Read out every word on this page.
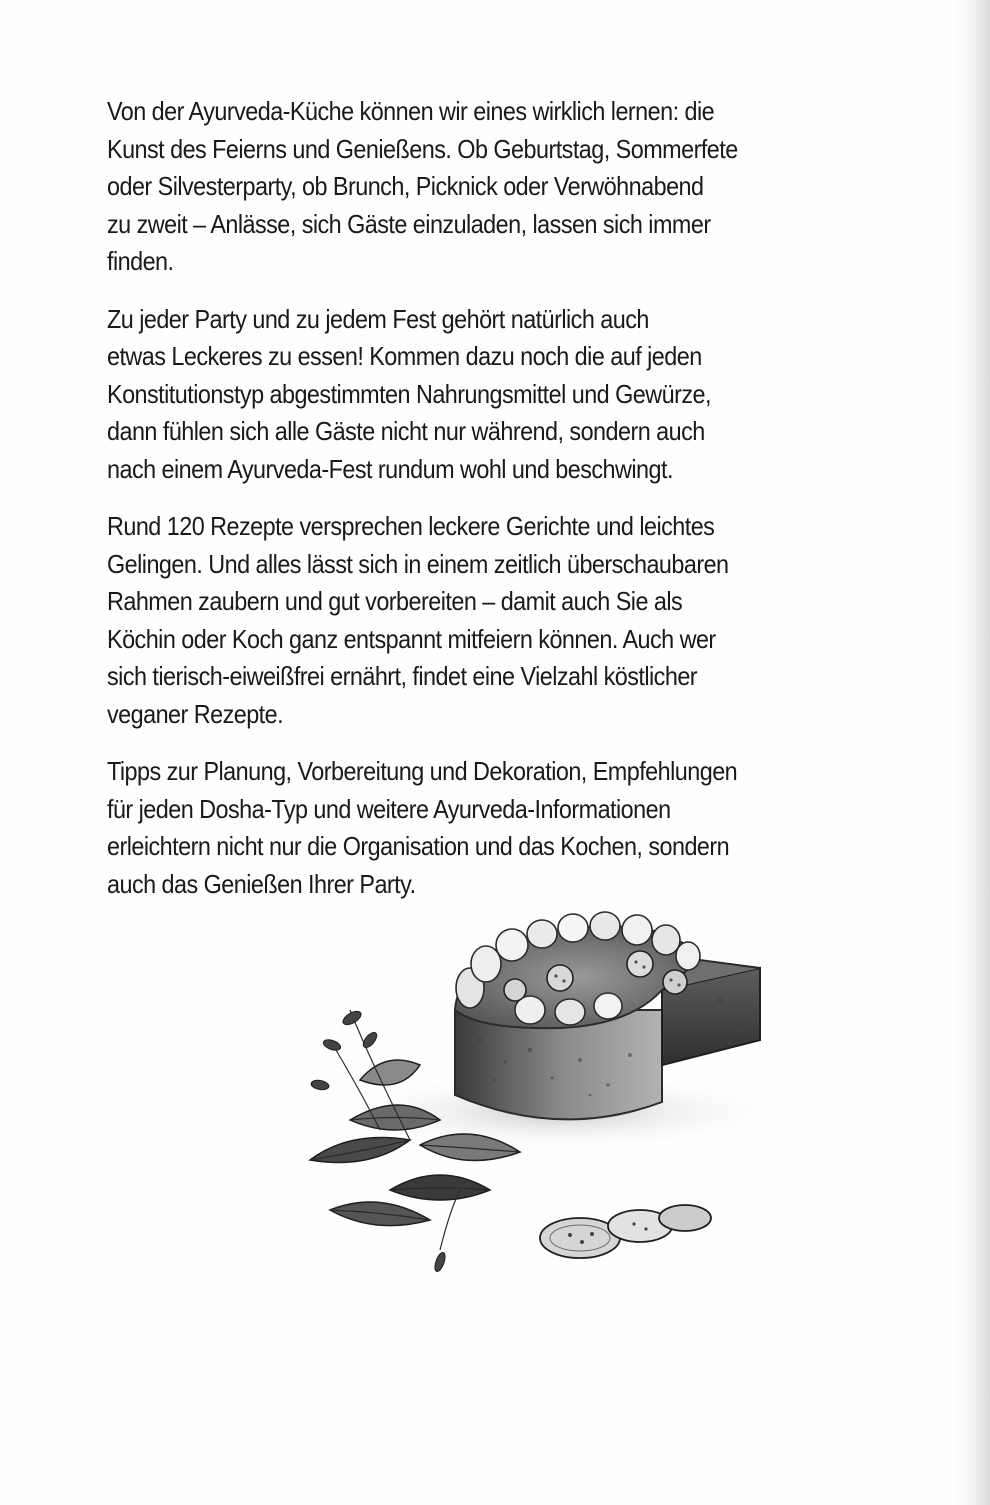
Von der Ayurveda-Küche können wir eines wirklich lernen: die
Kunst des Feierns und Genießens. Ob Geburtstag, Sommerfete
oder Silvesterparty, ob Brunch, Picknick oder Verwöhnabend
zu zweit – Anlässe, sich Gäste einzuladen, lassen sich immer
finden.

Zu jeder Party und zu jedem Fest gehört natürlich auch
etwas Leckeres zu essen! Kommen dazu noch die auf jeden
Konstitutionstyp abgestimmten Nahrungsmittel und Gewürze,
dann fühlen sich alle Gäste nicht nur während, sondern auch
nach einem Ayurveda-Fest rundum wohl und beschwingt.

Rund 120 Rezepte versprechen leckere Gerichte und leichtes
Gelingen. Und alles lässt sich in einem zeitlich überschaubaren
Rahmen zaubern und gut vorbereiten – damit auch Sie als
Köchin oder Koch ganz entspannt mitfeiern können. Auch wer
sich tierisch-eiweißfrei ernährt, findet eine Vielzahl köstlicher
veganer Rezepte.

Tipps zur Planung, Vorbereitung und Dekoration, Empfehlungen
für jeden Dosha-Typ und weitere Ayurveda-Informationen
erleichtern nicht nur die Organisation und das Kochen, sondern
auch das Genießen Ihrer Party.
